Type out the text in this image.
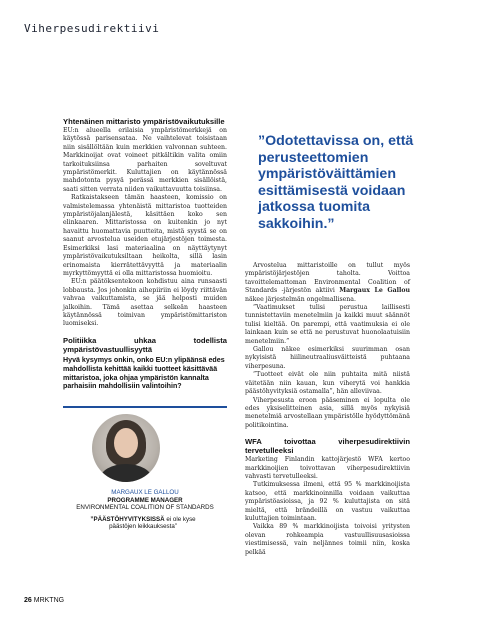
Viherpesudirektiivi
Yhtenäinen mittaristo ympäristövaikutuksille

EU:n alueella erilaisia ympäristömerkkejä on käytössä parisensataa. Ne vaihtelevat toisistaan niin sisällöltään kuin merkkien valvonnan suhteen. Markkinoijat ovat voineet pitkältikin valita omiin tarkoituksiinsa parhaiten soveltuvat ympäristömerkit. Kuluttajien on käytännössä mahdotonta pysyä perässä merkkien sisällöistä, saati sitten verrata niiden vaikuttavuutta toisiinsa.

Ratkaistakseen tämän haasteen, komissio on valmistelemassa yhtenäistä mittaristoa tuotteiden ympäristöjalanjälestä, käsittäen koko sen elinkaaren. Mittaristossa on kuitenkin jo nyt havaittu huomattavia puutteita, mistä syystä se on saanut arvostelua useiden etujärjestöjen toimesta. Esimerkiksi lasi materiaalina on näyttäytynyt ympäristövaikutuksiltaan heikolta, sillä lasin erinomaista kierrätettävyyttä ja materiaalin myrkyttömyyttä ei olla mittaristossa huomioitu.

EU:n päätöksentekoon kohdistuu aina runsaasti lobbausta. Jos johonkin aihepiiriin ei löydy riittävän vahvaa vaikuttamista, se jää helposti muiden jalkoihin. Tämä asettaa selkeän haasteen käytännössä toimivan ympäristömittariston luomiseksi.

Politiikka uhkaa todellista ympäristövastuullisyyttä
Hyvä kysymys onkin, onko EU:n ylipäänsä edes mahdollista kehittää kaikki tuotteet käsittävää mittaristoa, joka ohjaa ympäristön kannalta parhaisiin mahdollisiin valintoihin?
”Odotettavissa on, että perusteettomien ympäristöväittämien esittämisestä voidaan jatkossa tuomita sakkoihin.”
MARGAUX LE GALLOU
PROGRAMME MANAGER
ENVIRONMENTAL COALITION OF STANDARDS
”PÄÄSTÖHYVITYKSISSÄ ei ole kyse päästöjen leikkauksesta”

Arvostelua mittaristoille on tullut myös ympäristöjärjestöjen taholta. Voittoa tavoittelemattoman Environmental Coalition of Standards -järjestön aktiivi Margaux Le Gallou näkee järjestelmän ongelmallisena.

”Vaatimukset tulisi perustua laillisesti tunnistettaviin menetelmiin ja kaikki muut säännöt tulisi kieltää. On parempi, että vaatimuksia ei ole lainkaan kuin se että ne perustuvat huonolaatuisiin menetelmiin.”

Gallou näkee esimerkiksi suurimman osan nykyisistä hiilineutraaliusväitteistä puhtaana viherpesuna.

”Tuotteet eivät ole niin puhtaita mitä niistä väitetään niin kauan, kun viherytä voi hankkia päästöhyvityksiä ostamalla”, hän alleviivaa.

Viherpesusta eroon pääseminen ei lopulta ole edes yksiselitteinen asia, sillä myös nykyisiä menetelmiä arvostellaan ympäristölle hyödyttömänä politikointina.

WFA toivottaa viherpesudirektiivin tervetulleeksi

Marketing Finlandin kattojärjestö WFA kertoo markkinoijien toivottavan viherpesudirektiivin vahvasti tervetulleeksi.

Tutkimuksessa ilmeni, että 95 % markkinoijista katsoo, että markkinoinnilla voidaan vaikuttaa ympäristöasioissa, ja 92 % kuluttajista on sitä mieltä, että brändeillä on vastuu vaikuttaa kuluttajien toimintaan.

Vaikka 89 % markkinoijista toivoisi yritysten olevan rohkeampia vastuullisuusasioissa viestimisessä, vain neljännes toimii niin, koska pelkää

26 MRKTNG
